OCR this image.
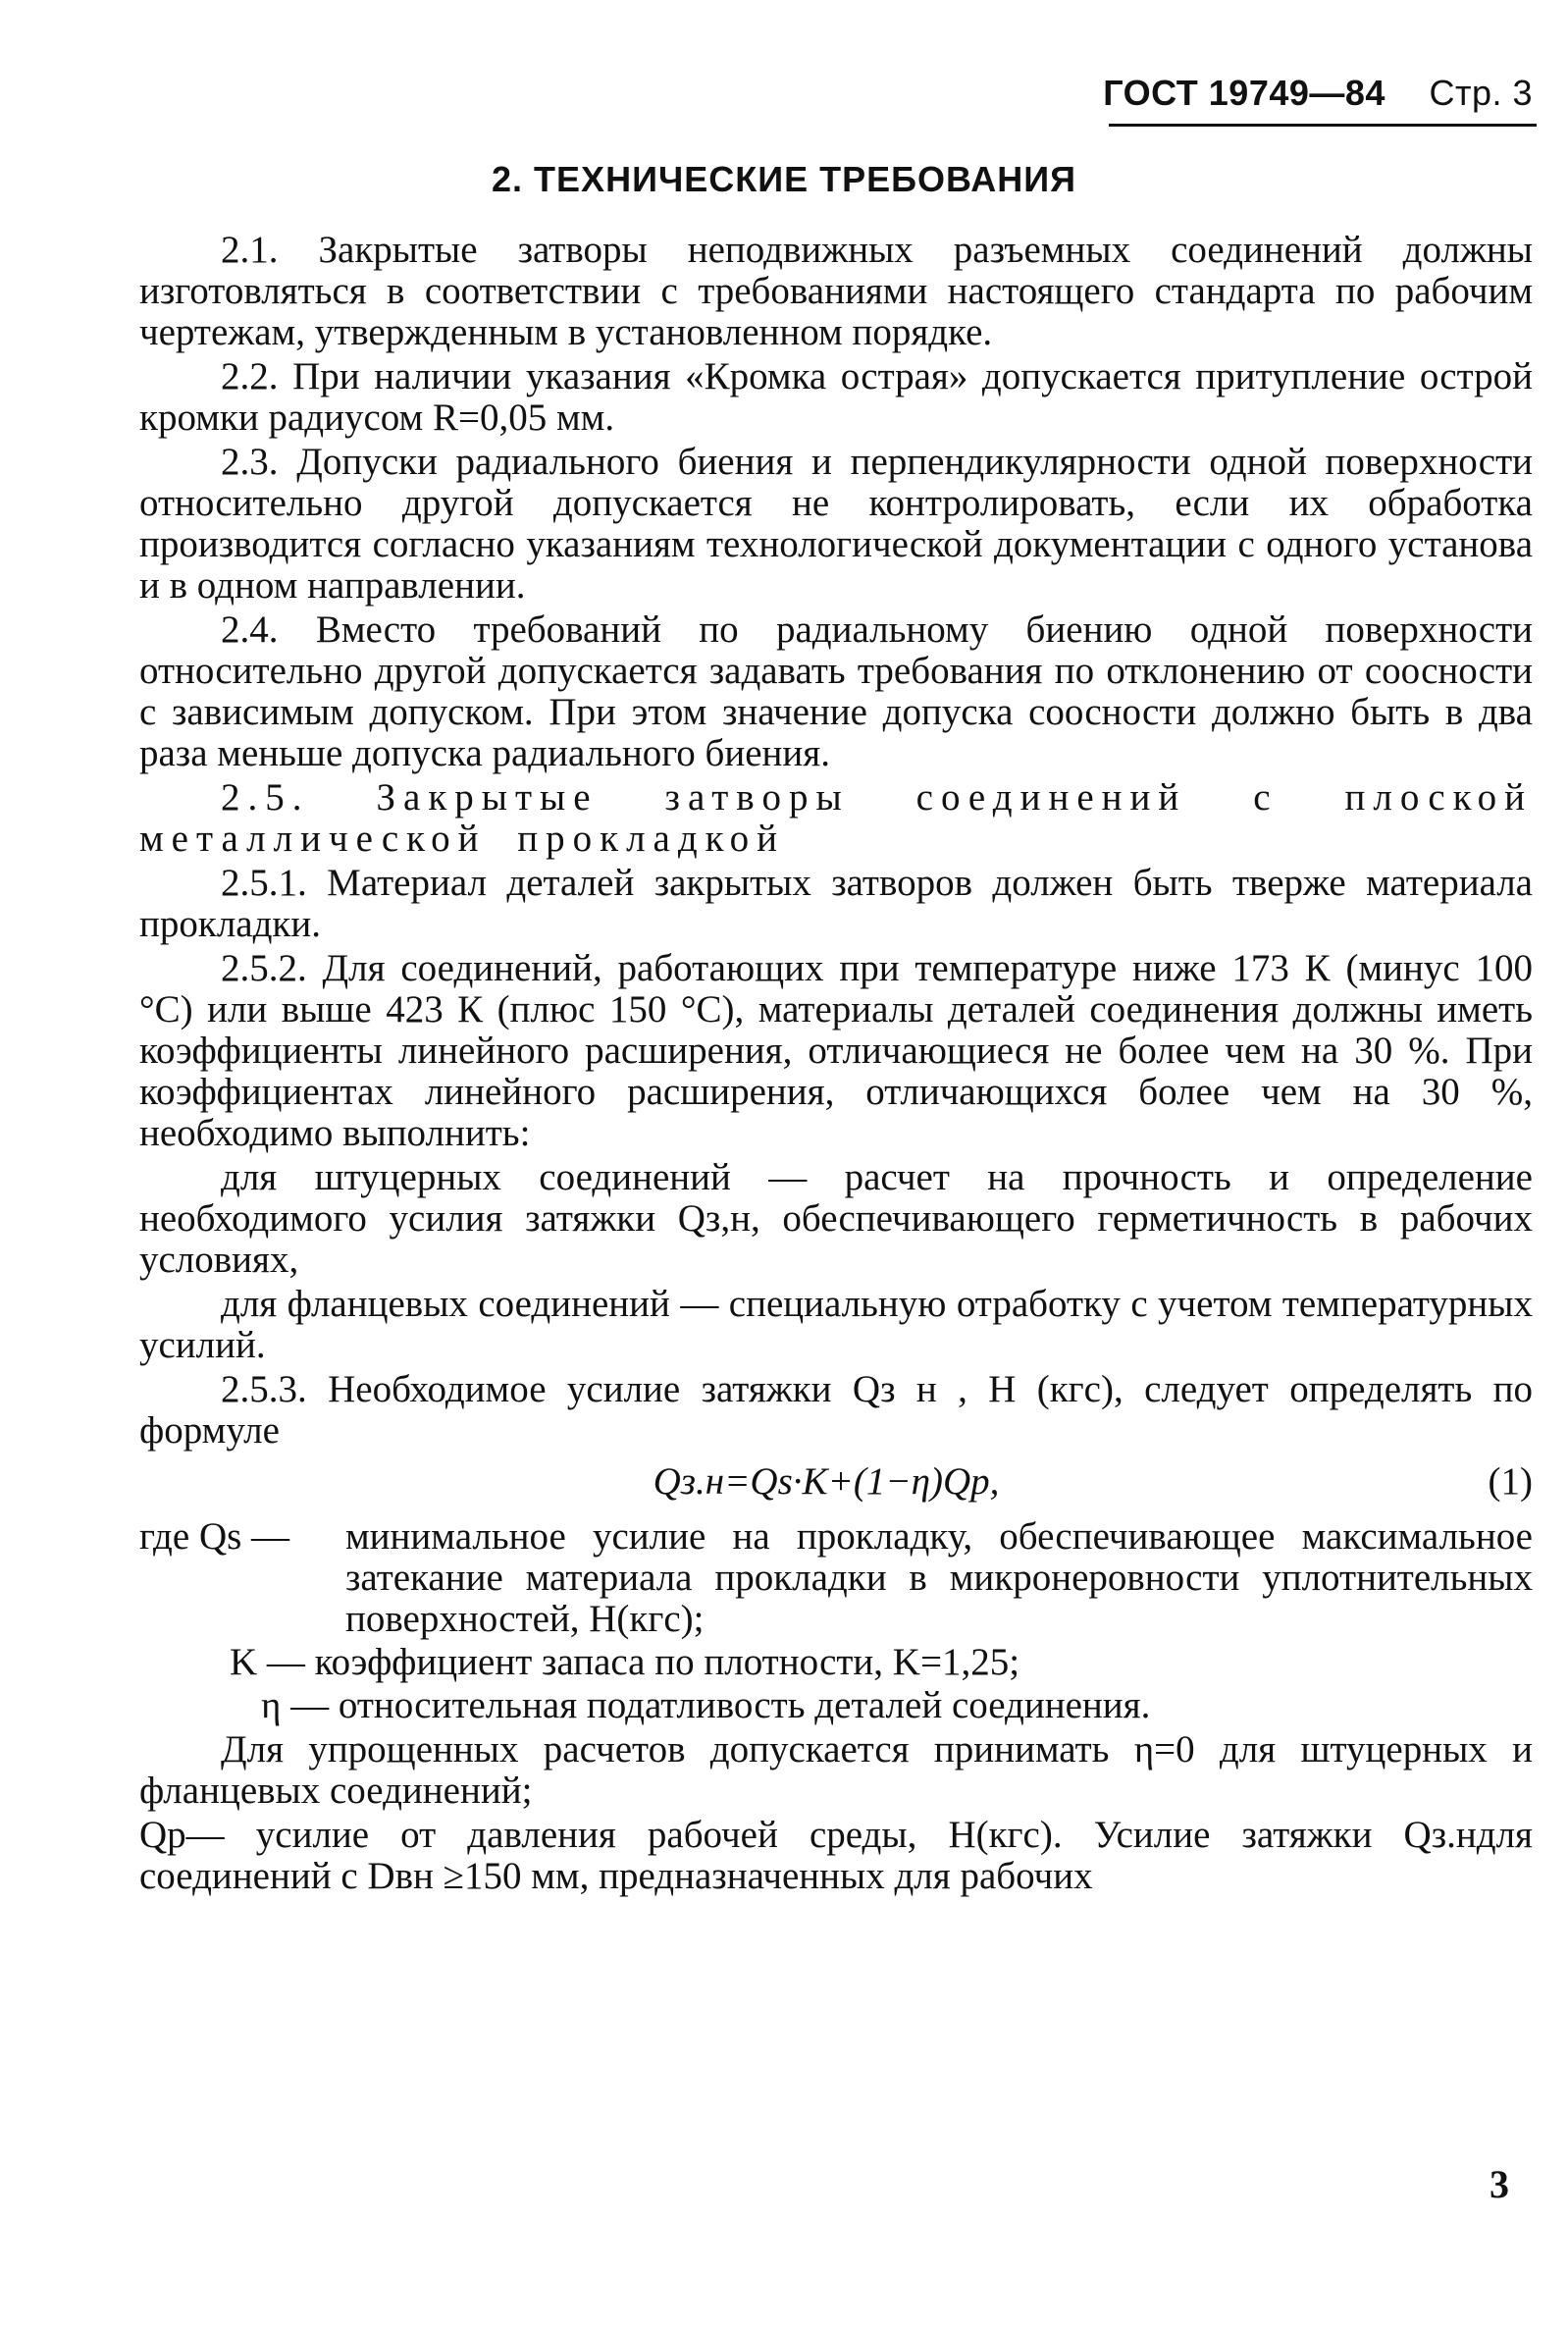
ГОСТ 19749—84 Стр. 3
2. ТЕХНИЧЕСКИЕ ТРЕБОВАНИЯ
2.1. Закрытые затворы неподвижных разъемных соединений должны изготовляться в соответствии с требованиями настоящего стандарта по рабочим чертежам, утвержденным в установленном порядке.
2.2. При наличии указания «Кромка острая» допускается притупление острой кромки радиусом R=0,05 мм.
2.3. Допуски радиального биения и перпендикулярности одной поверхности относительно другой допускается не контролировать, если их обработка производится согласно указаниям технологической документации с одного установа и в одном направлении.
2.4. Вместо требований по радиальному биению одной поверхности относительно другой допускается задавать требования по отклонению от соосности с зависимым допуском. При этом значение допуска соосности должно быть в два раза меньше допуска радиального биения.
2.5. Закрытые затворы соединений с плоской металлической прокладкой
2.5.1. Материал деталей закрытых затворов должен быть тверже материала прокладки.
2.5.2. Для соединений, работающих при температуре ниже 173 К (минус 100 °С) или выше 423 К (плюс 150 °С), материалы деталей соединения должны иметь коэффициенты линейного расширения, отличающиеся не более чем на 30 %. При коэффициентах линейного расширения, отличающихся более чем на 30 %, необходимо выполнить:
для штуцерных соединений — расчет на прочность и определение необходимого усилия затяжки Qз,н, обеспечивающего герметичность в рабочих условиях,
для фланцевых соединений — специальную отработку с учетом температурных усилий.
2.5.3. Необходимое усилие затяжки Qз н , Н (кгс), следует определять по формуле
Qз.н=Qs·K+(1−η)Qp,	(1)
где Qs —	минимальное усилие на прокладку, обеспечивающее максимальное затекание материала прокладки в микронеровности уплотнительных поверхностей, Н(кгс);
K — коэффициент запаса по плотности, K=1,25;
η — относительная податливость деталей соединения.
Для упрощенных расчетов допускается принимать η=0 для штуцерных и фланцевых соединений;
Qp— усилие от давления рабочей среды, Н(кгс). Усилие затяжки Qз.ндля соединений с Dвн ≥150 мм, предназначенных для рабочих
3
